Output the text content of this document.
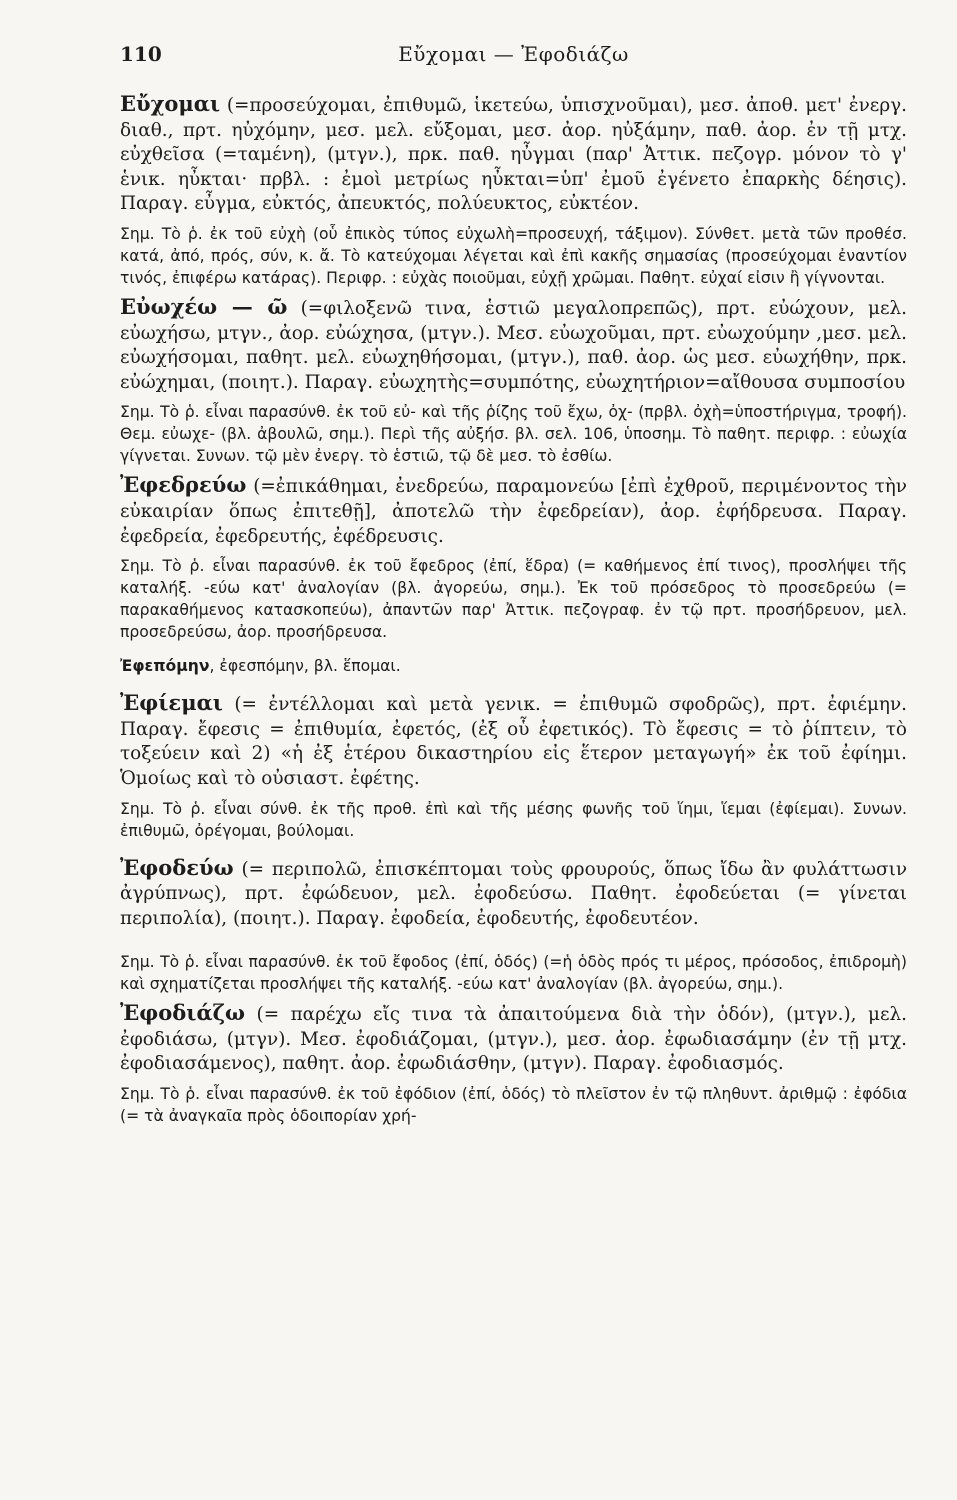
110	Εὔχομαι — Ἐφοδιάζω

Εὔχομαι (=προσεύχομαι, ἐπιθυμῶ, ἱκετεύω, ὑπισχνοῦμαι), μεσ. ἀποθ. μετ' ἐνεργ. διαθ., πρτ. ηὐχόμην, μεσ. μελ. εὔξομαι, μεσ. ἀορ. ηὐξάμην, παθ. ἀορ. ἐν τῇ μτχ. εὐχθεῖσα (=ταμένη), (μτγν.), πρκ. παθ. ηὖγμαι (παρ' Ἀττικ. πεζογρ. μόνον τὸ γ' ἑνικ. ηὖκται· πρβλ. : ἐμοὶ μετρίως ηὖκται=ὑπ' ἐμοῦ ἐγένετο ἐπαρκὴς δέησις). Παραγ. εὖγμα, εὐκτός, ἀπευκτός, πολύευκτος, εὐκτέον.

Σημ. Τὸ ῥ. ἐκ τοῦ εὐχὴ (οὗ ἐπικὸς τύπος εὐχωλὴ=προσευχή, τάξιμον). Σύνθετ. μετὰ τῶν προθέσ. κατά, ἀπό, πρός, σύν, κ. ἄ. Τὸ κατεύχομαι λέγεται καὶ ἐπὶ κακῆς σημασίας (προσεύχομαι ἐναντίον τινός, ἐπιφέρω κατάρας). Περιφρ. : εὐχὰς ποιοῦμαι, εὐχῇ χρῶμαι. Παθητ. εὐχαί εἰσιν ἢ γίγνονται.

Εὐωχέω — ῶ (=φιλοξενῶ τινα, ἑστιῶ μεγαλοπρεπῶς), πρτ. εὐώχουν, μελ. εὐωχήσω, μτγν., ἀορ. εὐώχησα, (μτγν.). Μεσ. εὐωχοῦμαι, πρτ. εὐωχούμην ,μεσ. μελ. εὐωχήσομαι, παθητ. μελ. εὐωχηθήσομαι, (μτγν.), παθ. ἀορ. ὡς μεσ. εὐωχήθην, πρκ. εὐώχημαι, (ποιητ.). Παραγ. εὐωχητὴς=συμπότης, εὐωχητήριον=αἴθουσα συμποσίου

Σημ. Τὸ ῥ. εἶναι παρασύνθ. ἐκ τοῦ εὐ- καὶ τῆς ῥίζης τοῦ ἔχω, ὀχ- (πρβλ. ὀχὴ=ὑποστήριγμα, τροφή). Θεμ. εὐωχε- (βλ. ἀβουλῶ, σημ.). Περὶ τῆς αὐξήσ. βλ. σελ. 106, ὑποσημ. Τὸ παθητ. περιφρ. : εὐωχία γίγνεται. Συνων. τῷ μὲν ἐνεργ. τὸ ἑστιῶ, τῷ δὲ μεσ. τὸ ἐσθίω.

Ἐφεδρεύω (=ἐπικάθημαι, ἐνεδρεύω, παραμονεύω [ἐπὶ ἐχθροῦ, περιμένοντος τὴν εὐκαιρίαν ὅπως ἐπιτεθῇ], ἀποτελῶ τὴν ἐφεδρείαν), ἀορ. ἐφήδρευσα. Παραγ. ἐφεδρεία, ἐφεδρευτής, ἐφέδρευσις.

Σημ. Τὸ ῥ. εἶναι παρασύνθ. ἐκ τοῦ ἔφεδρος (ἐπί, ἕδρα) (= καθήμενος ἐπί τινος), προσλήψει τῆς καταλήξ. -εύω κατ' ἀναλογίαν (βλ. ἀγορεύω, σημ.). Ἐκ τοῦ πρόσεδρος τὸ προσεδρεύω (= παρακαθήμενος κατασκοπεύω), ἀπαντῶν παρ' Ἀττικ. πεζογραφ. ἐν τῷ πρτ. προσήδρευον, μελ. προσεδρεύσω, ἀορ. προσήδρευσα.

Ἐφεπόμην, ἐφεσπόμην, βλ. ἕπομαι.

Ἐφίεμαι (= ἐντέλλομαι καὶ μετὰ γενικ. = ἐπιθυμῶ σφοδρῶς), πρτ. ἐφιέμην. Παραγ. ἔφεσις = ἐπιθυμία, ἐφετός, (ἐξ οὗ ἐφετικός). Τὸ ἔφεσις = τὸ ῥίπτειν, τὸ τοξεύειν καὶ 2) «ἡ ἐξ ἑτέρου δικαστηρίου εἰς ἕτερον μεταγωγή» ἐκ τοῦ ἐφίημι. Ὁμοίως καὶ τὸ οὐσιαστ. ἐφέτης.

Σημ. Τὸ ῥ. εἶναι σύνθ. ἐκ τῆς προθ. ἐπὶ καὶ τῆς μέσης φωνῆς τοῦ ἵημι, ἵεμαι (ἐφίεμαι). Συνων. ἐπιθυμῶ, ὀρέγομαι, βούλομαι.

Ἐφοδεύω (= περιπολῶ, ἐπισκέπτομαι τοὺς φρουρούς, ὅπως ἴδω ἂν φυλάττωσιν ἀγρύπνως), πρτ. ἐφώδευον, μελ. ἐφοδεύσω. Παθητ. ἐφοδεύεται (= γίνεται περιπολία), (ποιητ.). Παραγ. ἐφοδεία, ἐφοδευτής, ἐφοδευτέον.

Σημ. Τὸ ῥ. εἶναι παρασύνθ. ἐκ τοῦ ἔφοδος (ἐπί, ὁδός) (=ἡ ὁδὸς πρός τι μέρος, πρόσοδος, ἐπιδρομὴ) καὶ σχηματίζεται προσλήψει τῆς καταλήξ. -εύω κατ' ἀναλογίαν (βλ. ἀγορεύω, σημ.).

Ἐφοδιάζω (= παρέχω εἴς τινα τὰ ἀπαιτούμενα διὰ τὴν ὁδόν), (μτγν.), μελ. ἐφοδιάσω, (μτγν). Μεσ. ἐφοδιάζομαι, (μτγν.), μεσ. ἀορ. ἐφωδιασάμην (ἐν τῇ μτχ. ἐφοδιασάμενος), παθητ. ἀορ. ἐφωδιάσθην, (μτγν). Παραγ. ἐφοδιασμός.

Σημ. Τὸ ῥ. εἶναι παρασύνθ. ἐκ τοῦ ἐφόδιον (ἐπί, ὁδός) τὸ πλεῖστον ἐν τῷ πληθυντ. ἀριθμῷ : ἐφόδια (= τὰ ἀναγκαῖα πρὸς ὁδοιπορίαν χρή-
